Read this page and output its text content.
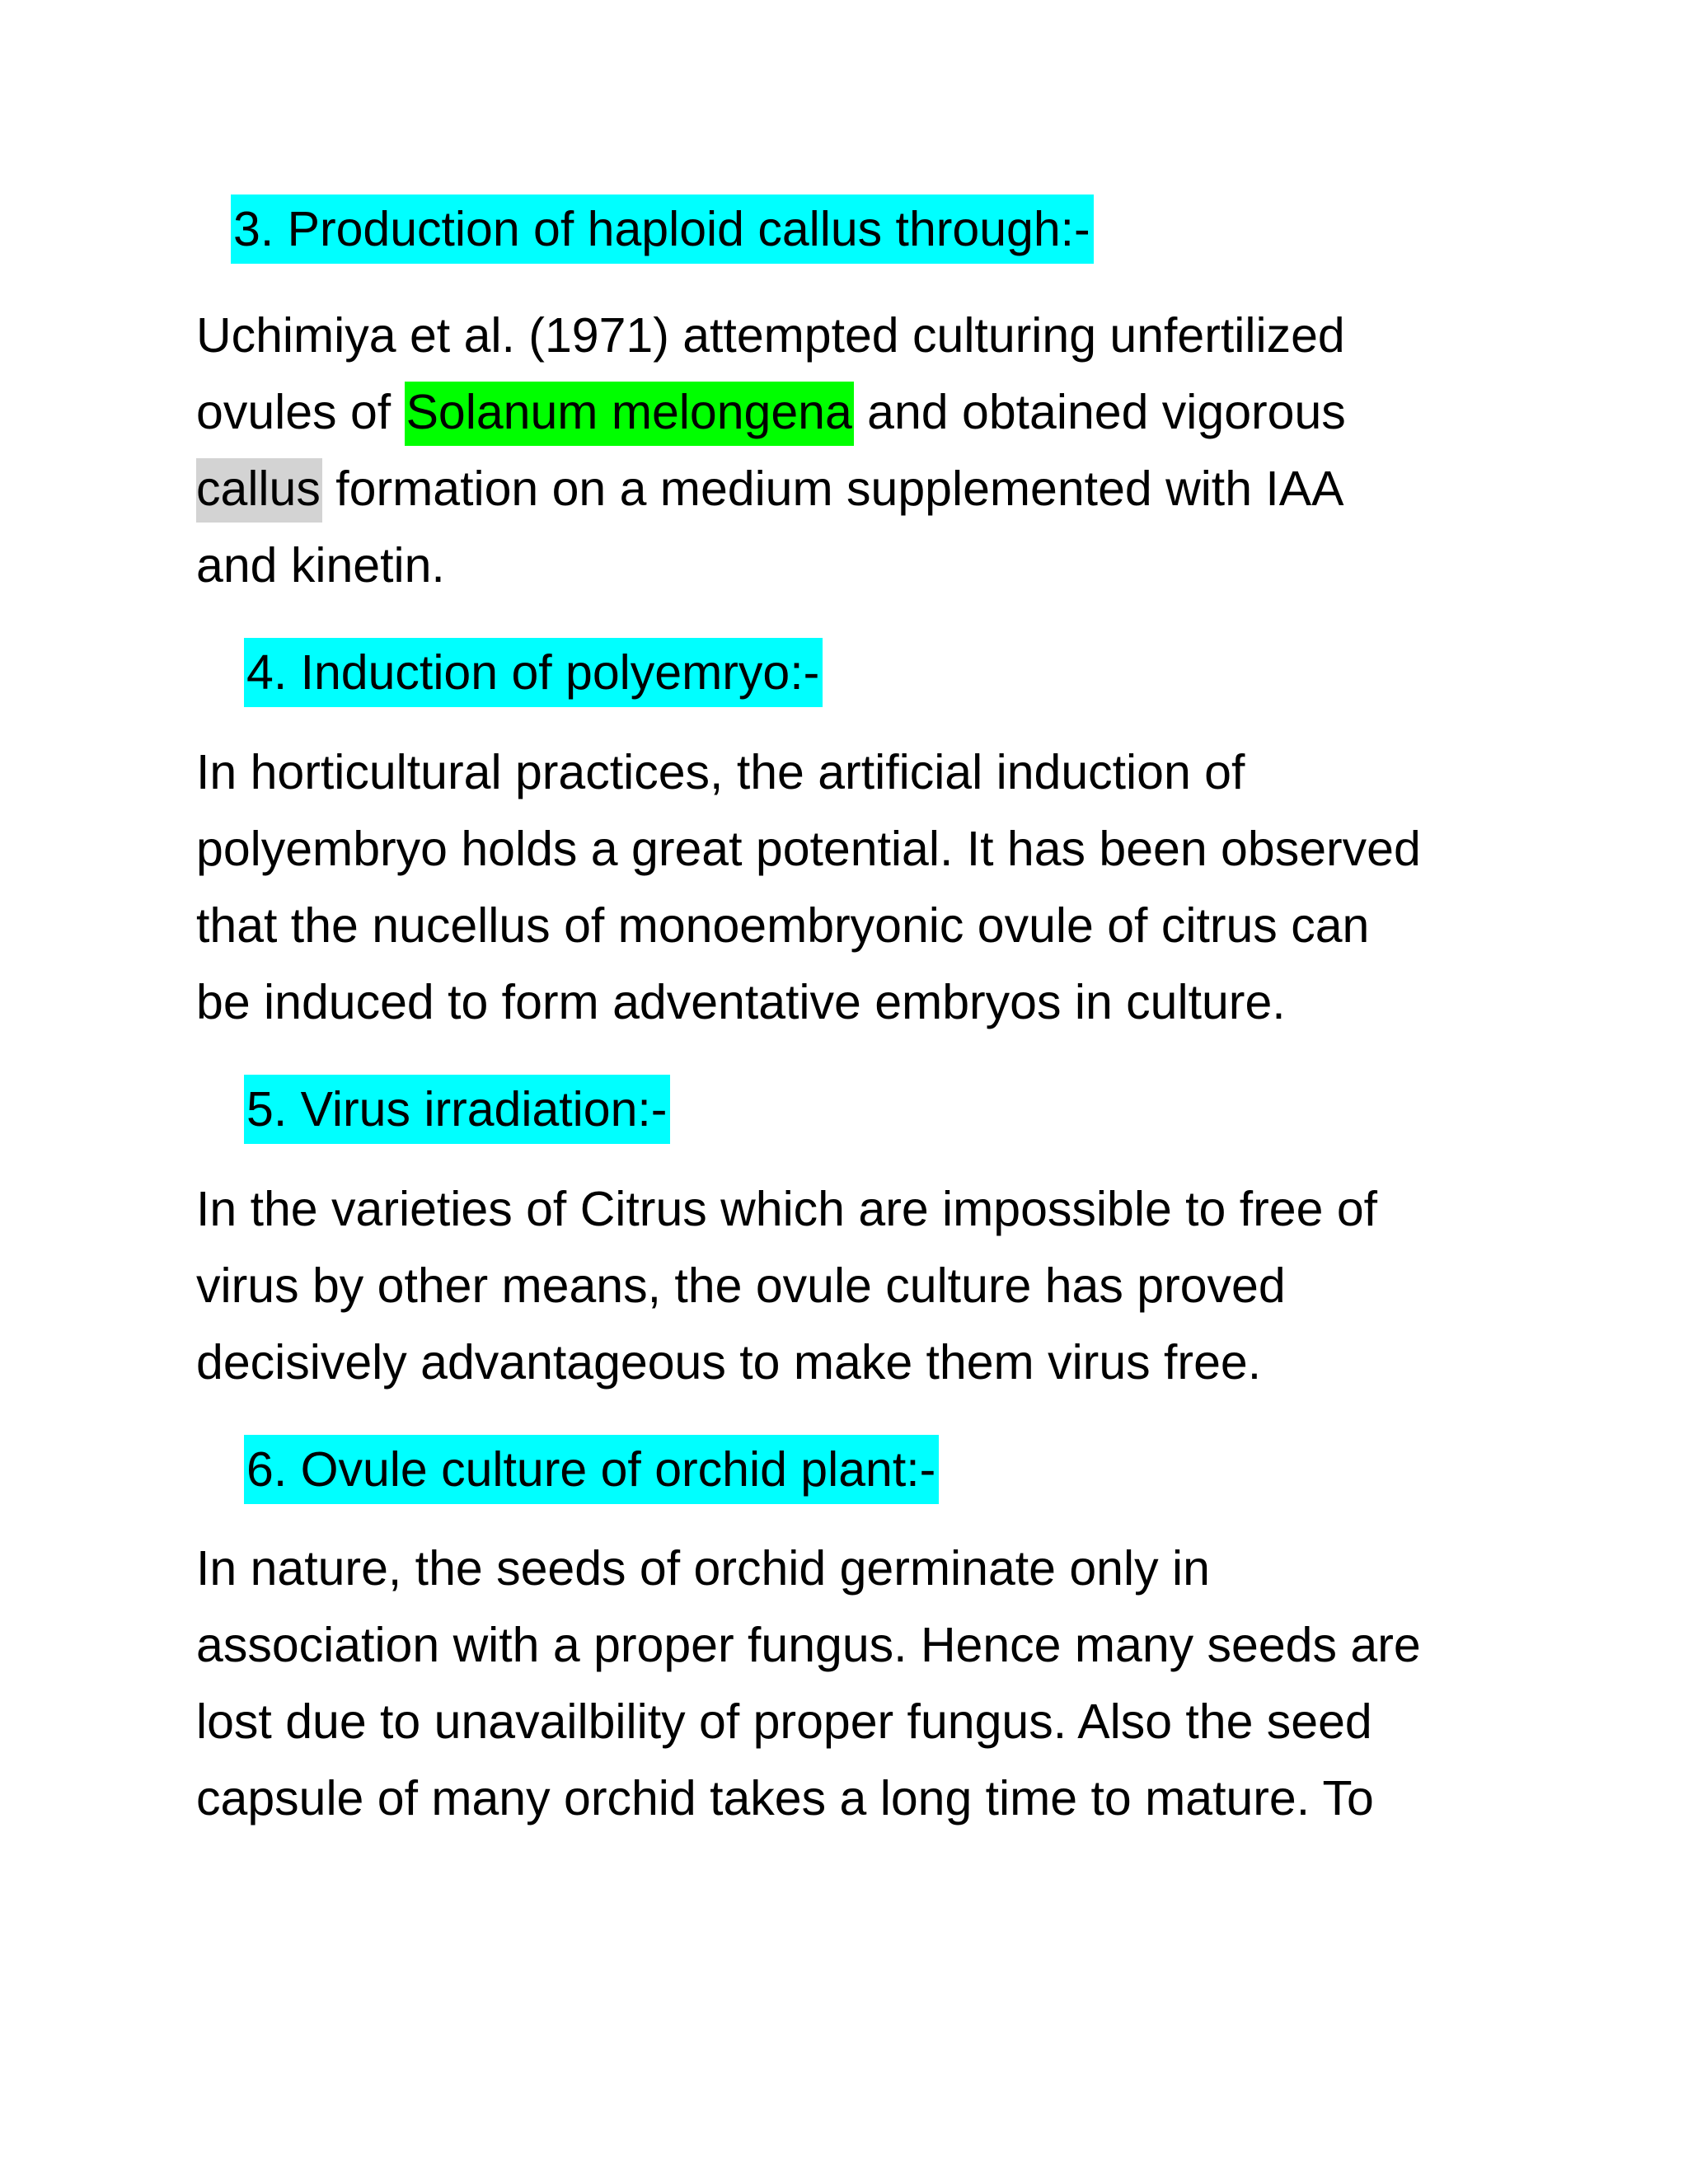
3. Production of haploid callus through:-

Uchimiya et al. (1971) attempted culturing unfertilized
ovules of Solanum melongena and obtained vigorous
callus formation on a medium supplemented with IAA
and kinetin.

4. Induction of polyemryo:-

In horticultural practices, the artificial induction of
polyembryo holds a great potential. It has been observed
that the nucellus of monoembryonic ovule of citrus can
be induced to form adventative embryos in culture.

5. Virus irradiation:-

In the varieties of Citrus which are impossible to free of
virus by other means, the ovule culture has proved
decisively advantageous to make them virus free.

6. Ovule culture of orchid plant:-

In nature, the seeds of orchid germinate only in
association with a proper fungus. Hence many seeds are
lost due to unavailbility of proper fungus. Also the seed
capsule of many orchid takes a long time to mature. To
